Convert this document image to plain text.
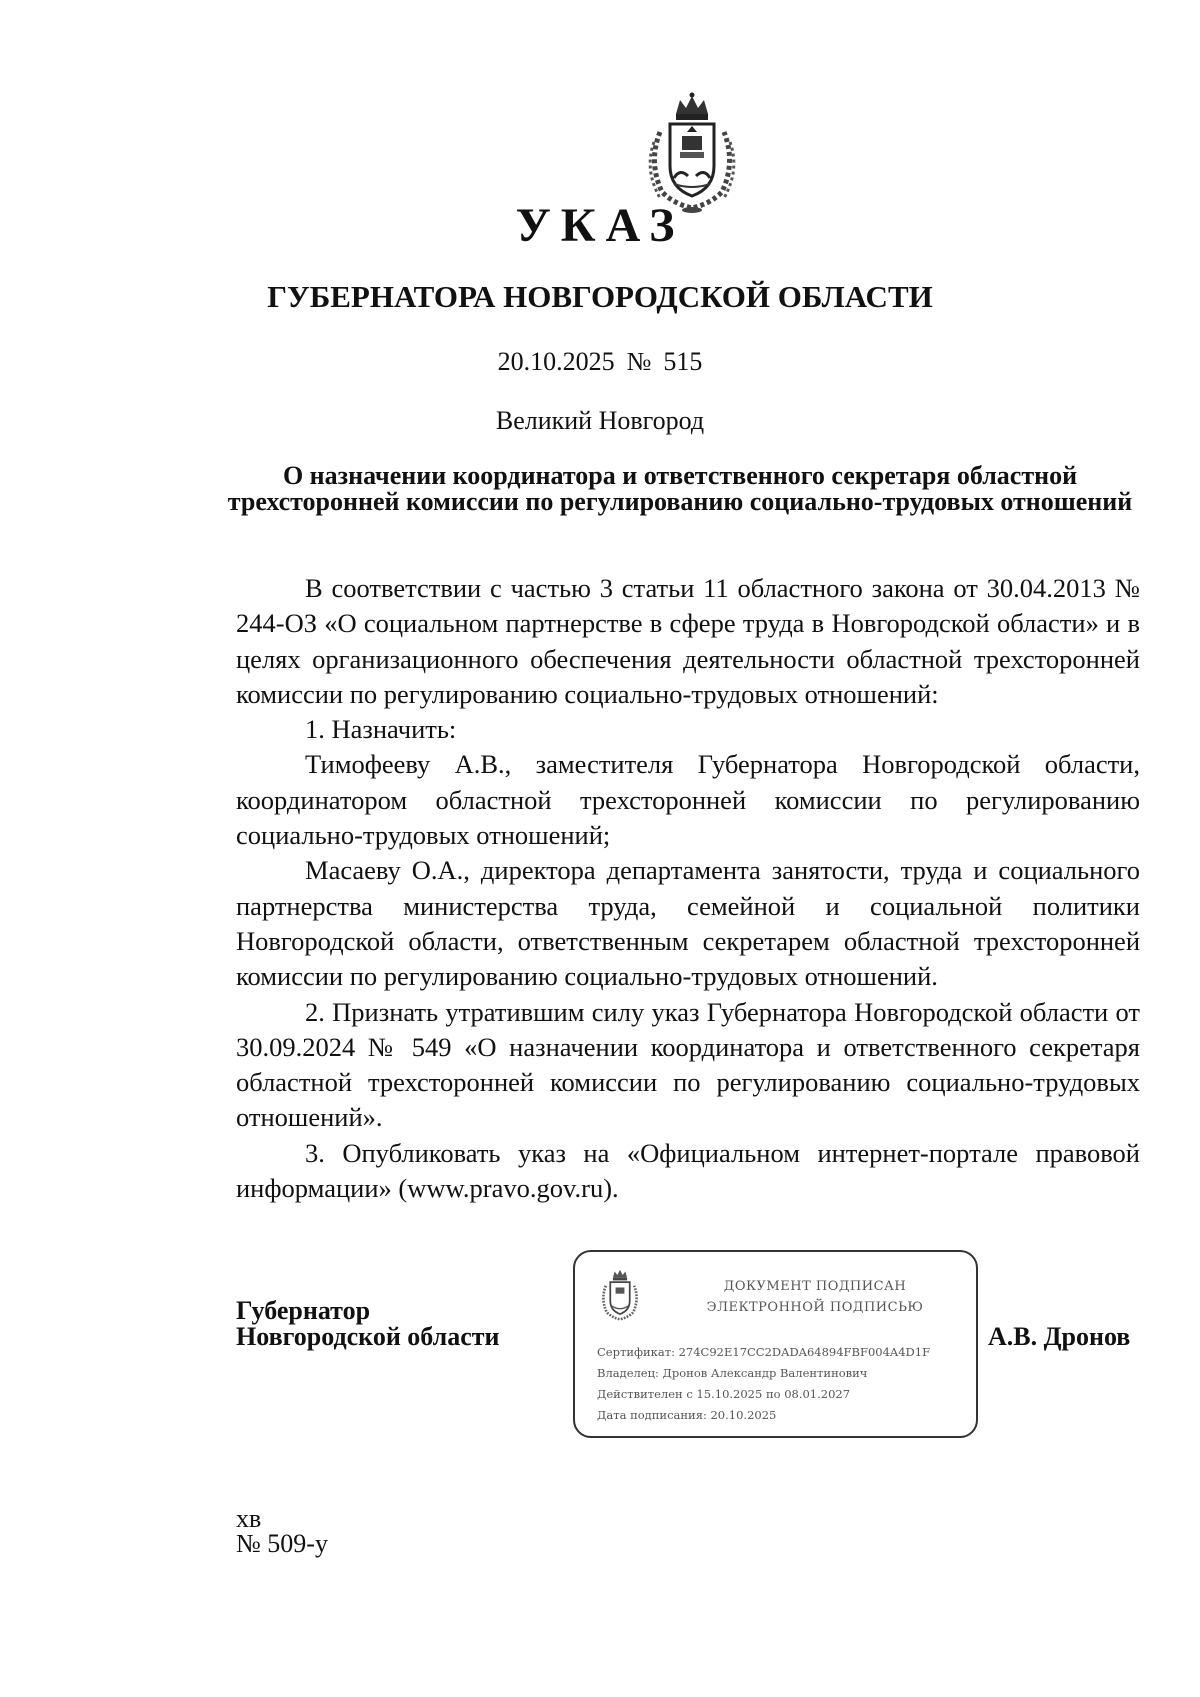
УКАЗ
ГУБЕРНАТОРА НОВГОРОДСКОЙ ОБЛАСТИ
20.10.2025 № 515
Великий Новгород
О назначении координатора и ответственного секретаря областной
трехсторонней комиссии по регулированию социально-трудовых отношений

В соответствии с частью 3 статьи 11 областного закона от 30.04.2013 № 244-ОЗ «О социальном партнерстве в сфере труда в Новгородской области» и в целях организационного обеспечения деятельности областной трехсторонней комиссии по регулированию социально-трудовых отношений:

1. Назначить:

Тимофееву А.В., заместителя Губернатора Новгородской области, координатором областной трехсторонней комиссии по регулированию социально-трудовых отношений;

Масаеву О.А., директора департамента занятости, труда и социального партнерства министерства труда, семейной и социальной политики Новгородской области, ответственным секретарем областной трехсторонней комиссии по регулированию социально-трудовых отношений.

2. Признать утратившим силу указ Губернатора Новгородской области от 30.09.2024 № 549 «О назначении координатора и ответственного секретаря областной трехсторонней комиссии по регулированию социально-трудовых отношений».

3. Опубликовать указ на «Официальном интернет-портале правовой информации» (www.pravo.gov.ru).

Губернатор
Новгородской области
ДОКУМЕНТ ПОДПИСАН
ЭЛЕКТРОННОЙ ПОДПИСЬЮ
Сертификат: 274C92E17CC2DADA64894FBF004A4D1F
Владелец: Дронов Александр Валентинович
Действителен с 15.10.2025 по 08.01.2027
Дата подписания: 20.10.2025
А.В. Дронов
хв
№ 509-у
